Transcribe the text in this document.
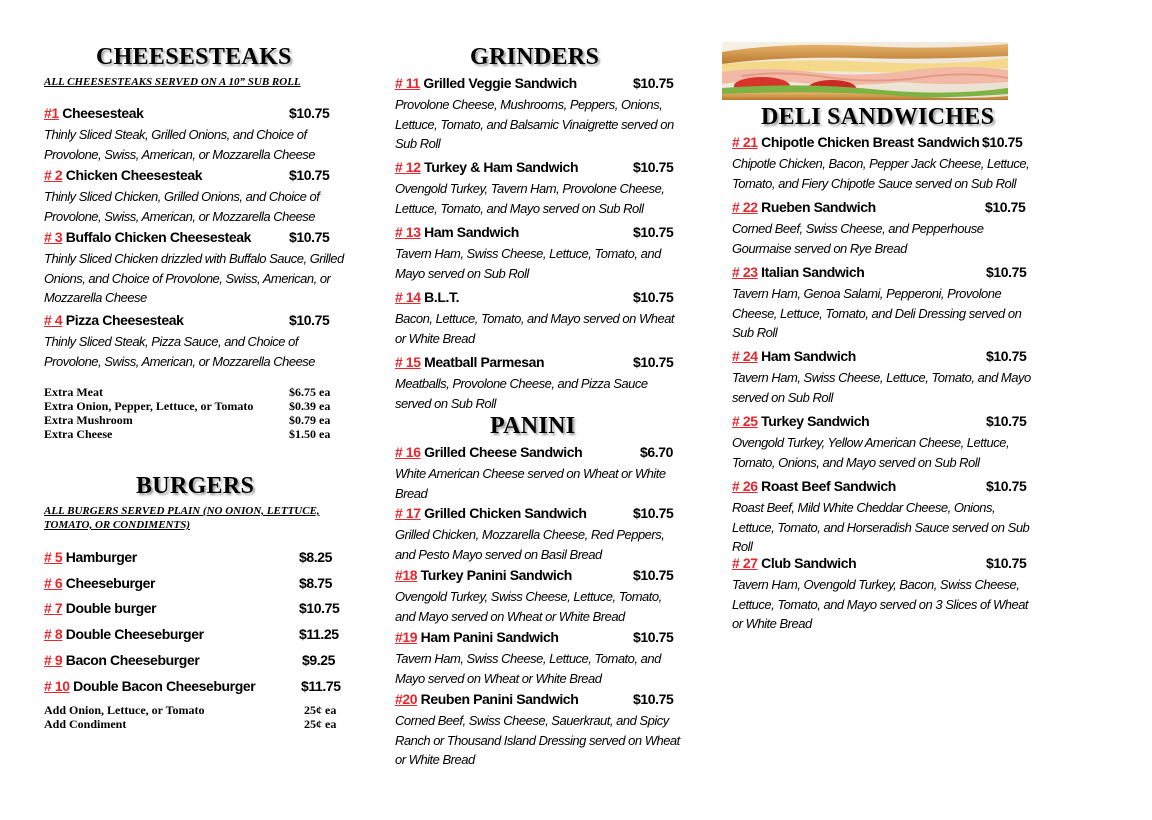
CHEESESTEAKS
ALL CHEESESTEAKS SERVED ON A 10” SUB ROLL
#1 Cheesesteak	$10.75
Thinly Sliced Steak, Grilled Onions, and Choice of Provolone, Swiss, American, or Mozzarella Cheese
# 2 Chicken Cheesesteak	$10.75
Thinly Sliced Chicken, Grilled Onions, and Choice of Provolone, Swiss, American, or Mozzarella Cheese
# 3 Buffalo Chicken Cheesesteak	$10.75
Thinly Sliced Chicken drizzled with Buffalo Sauce, Grilled Onions, and Choice of Provolone, Swiss, American, or Mozzarella Cheese
# 4 Pizza Cheesesteak	$10.75
Thinly Sliced Steak, Pizza Sauce, and Choice of Provolone, Swiss, American, or Mozzarella Cheese
Extra Meat	$6.75 ea
Extra Onion, Pepper, Lettuce, or Tomato	$0.39 ea
Extra Mushroom	$0.79 ea
Extra Cheese	$1.50 ea
BURGERS
ALL BURGERS SERVED PLAIN (NO ONION, LETTUCE, TOMATO, OR CONDIMENTS)
# 5 Hamburger	$8.25
# 6 Cheeseburger	$8.75
# 7 Double burger	$10.75
# 8 Double Cheeseburger	$11.25
# 9 Bacon Cheeseburger	$9.25
# 10 Double Bacon Cheeseburger	$11.75
Add Onion, Lettuce, or Tomato	25¢ ea
Add Condiment	25¢ ea
GRINDERS
# 11 Grilled Veggie Sandwich	$10.75
Provolone Cheese, Mushrooms, Peppers, Onions, Lettuce, Tomato, and Balsamic Vinaigrette served on Sub Roll
# 12 Turkey & Ham Sandwich	$10.75
Ovengold Turkey, Tavern Ham, Provolone Cheese, Lettuce, Tomato, and Mayo served on Sub Roll
# 13 Ham Sandwich	$10.75
Tavern Ham, Swiss Cheese, Lettuce, Tomato, and Mayo served on Sub Roll
# 14 B.L.T.	$10.75
Bacon, Lettuce, Tomato, and Mayo served on Wheat or White Bread
# 15 Meatball Parmesan	$10.75
Meatballs, Provolone Cheese, and Pizza Sauce served on Sub Roll
PANINI
# 16 Grilled Cheese Sandwich	$6.70
White American Cheese served on Wheat or White Bread
# 17 Grilled Chicken Sandwich	$10.75
Grilled Chicken, Mozzarella Cheese, Red Peppers, and Pesto Mayo served on Basil Bread
#18 Turkey Panini Sandwich	$10.75
Ovengold Turkey, Swiss Cheese, Lettuce, Tomato, and Mayo served on Wheat or White Bread
#19 Ham Panini Sandwich	$10.75
Tavern Ham, Swiss Cheese, Lettuce, Tomato, and Mayo served on Wheat or White Bread
#20 Reuben Panini Sandwich	$10.75
Corned Beef, Swiss Cheese, Sauerkraut, and Spicy Ranch or Thousand Island Dressing served on Wheat or White Bread
DELI SANDWICHES
# 21 Chipotle Chicken Breast Sandwich $10.75
Chipotle Chicken, Bacon, Pepper Jack Cheese, Lettuce, Tomato, and Fiery Chipotle Sauce served on Sub Roll
# 22 Rueben Sandwich	$10.75
Corned Beef, Swiss Cheese, and Pepperhouse Gourmaise served on Rye Bread
# 23 Italian Sandwich	$10.75
Tavern Ham, Genoa Salami, Pepperoni, Provolone Cheese, Lettuce, Tomato, and Deli Dressing served on Sub Roll
# 24 Ham Sandwich	$10.75
Tavern Ham, Swiss Cheese, Lettuce, Tomato, and Mayo served on Sub Roll
# 25 Turkey Sandwich	$10.75
Ovengold Turkey, Yellow American Cheese, Lettuce, Tomato, Onions, and Mayo served on Sub Roll
# 26 Roast Beef Sandwich	$10.75
Roast Beef, Mild White Cheddar Cheese, Onions, Lettuce, Tomato, and Horseradish Sauce served on Sub Roll
# 27 Club Sandwich	$10.75
Tavern Ham, Ovengold Turkey, Bacon, Swiss Cheese, Lettuce, Tomato, and Mayo served on 3 Slices of Wheat or White Bread
